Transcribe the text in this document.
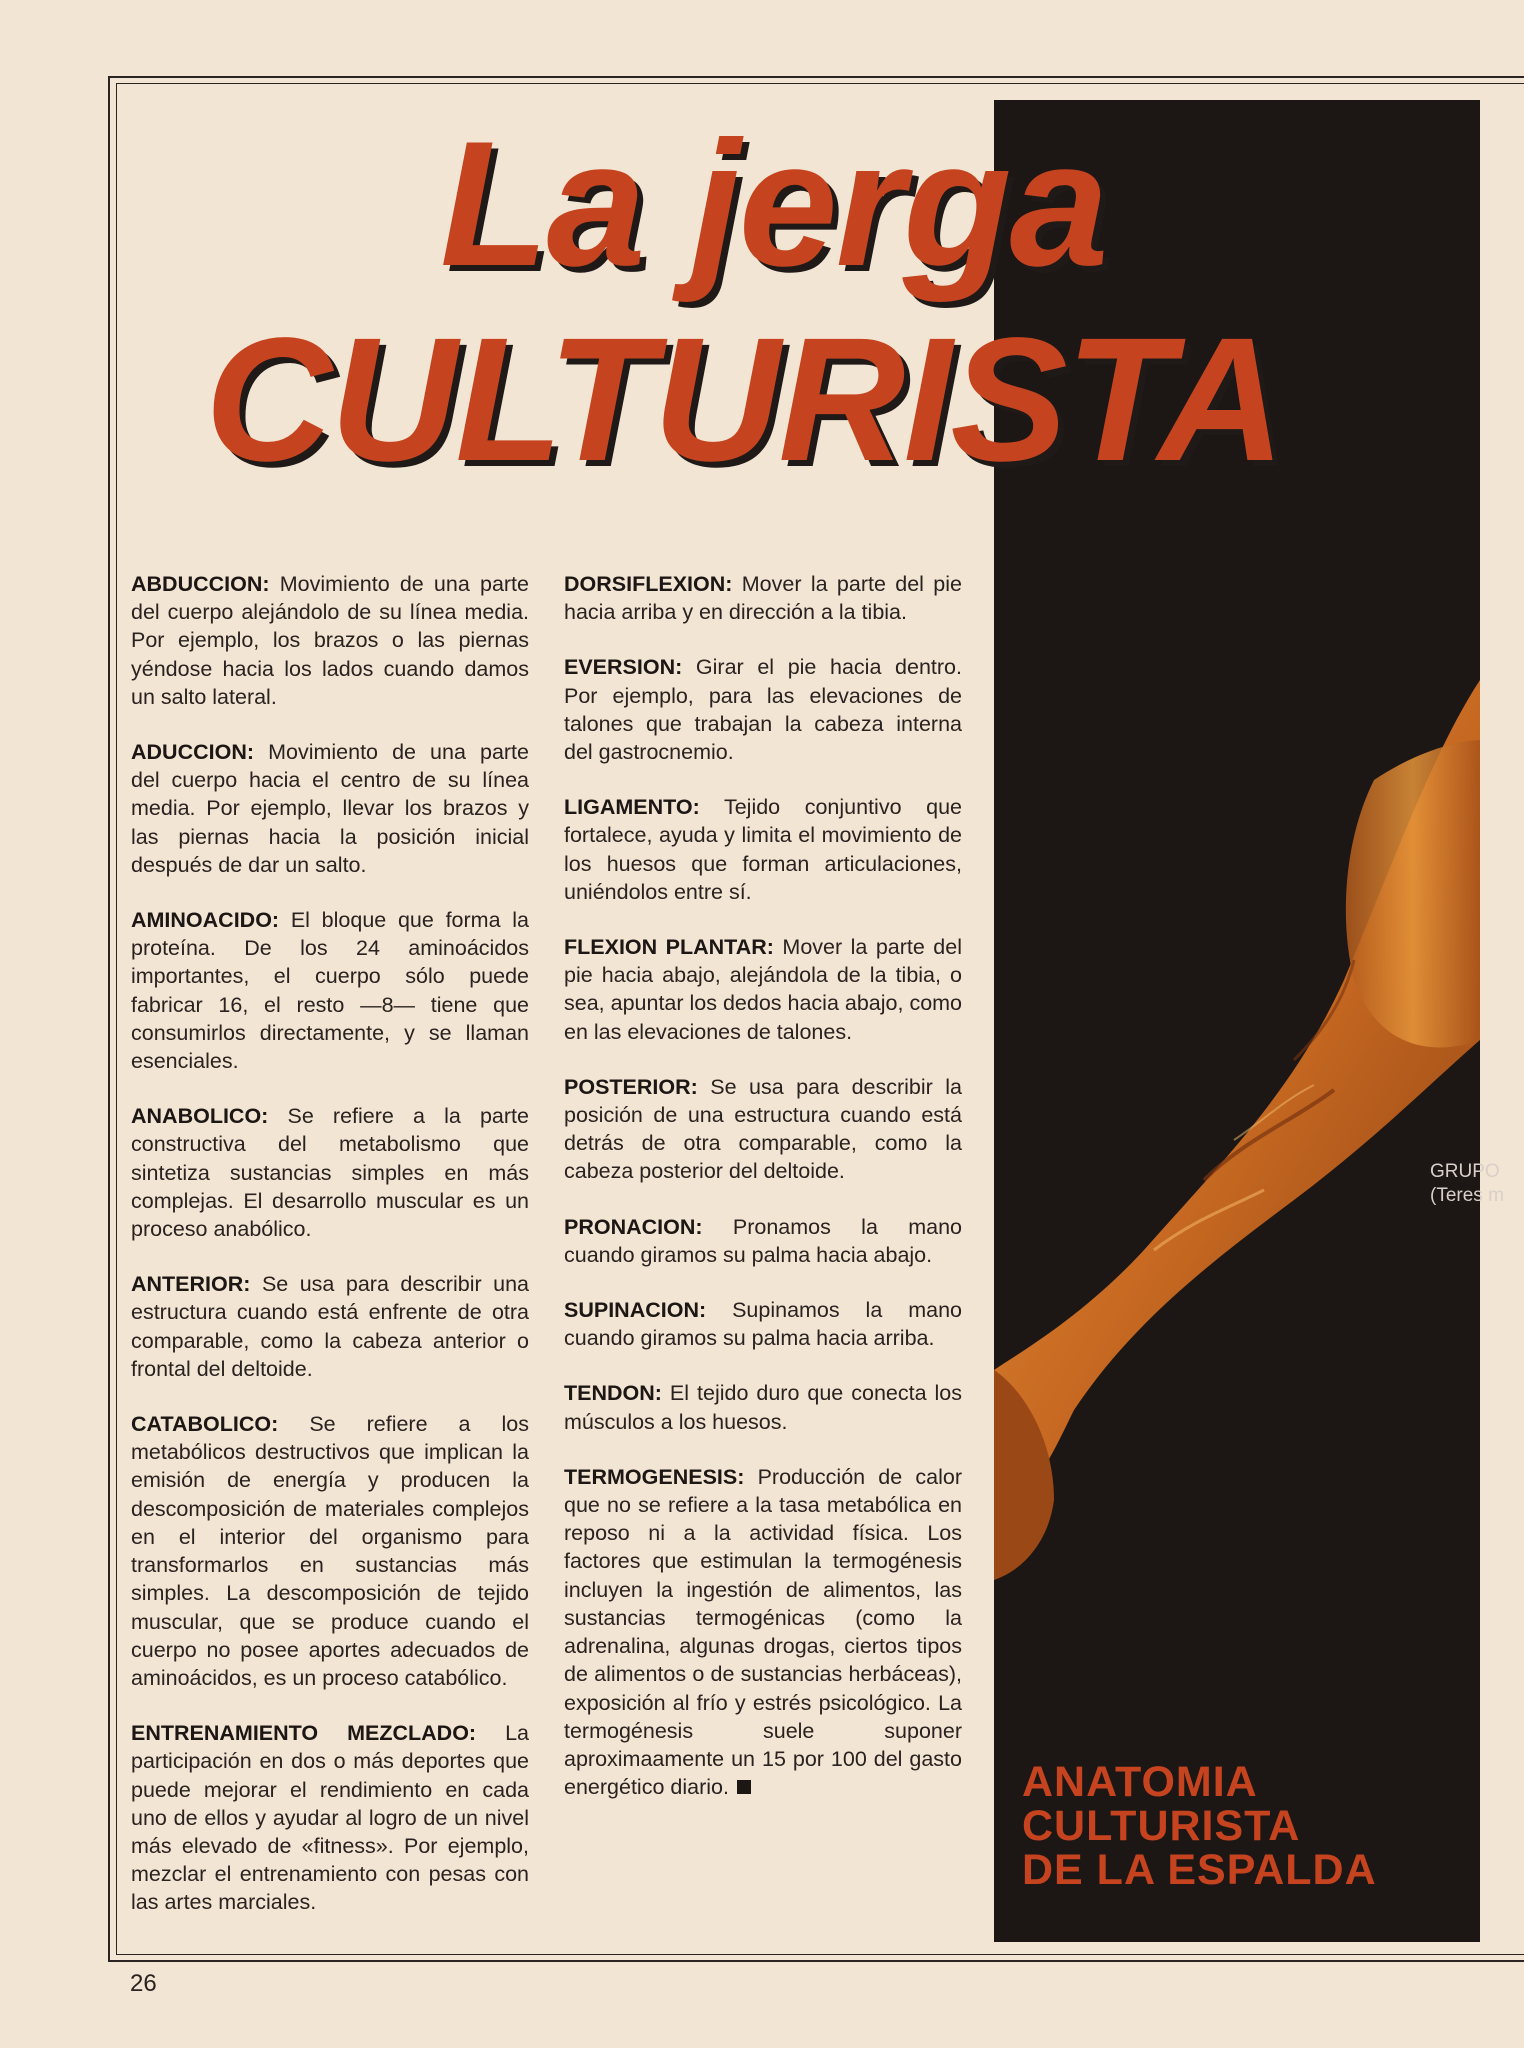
La jerga
CULTURISTA

ABDUCCION: Movimiento de una parte del cuerpo alejándolo de su línea media. Por ejemplo, los brazos o las piernas yéndose hacia los lados cuando damos un salto lateral.

ADUCCION: Movimiento de una parte del cuerpo hacia el centro de su línea media. Por ejemplo, llevar los brazos y las piernas hacia la posición inicial después de dar un salto.

AMINOACIDO: El bloque que forma la proteína. De los 24 aminoácidos importantes, el cuerpo sólo puede fabricar 16, el resto —8— tiene que consumirlos directamente, y se llaman esenciales.

ANABOLICO: Se refiere a la parte constructiva del metabolismo que sintetiza sustancias simples en más complejas. El desarrollo muscular es un proceso anabólico.

ANTERIOR: Se usa para describir una estructura cuando está enfrente de otra comparable, como la cabeza anterior o frontal del deltoide.

CATABOLICO: Se refiere a los metabólicos destructivos que implican la emisión de energía y producen la descomposición de materiales complejos en el interior del organismo para transformarlos en sustancias más simples. La descomposición de tejido muscular, que se produce cuando el cuerpo no posee aportes adecuados de aminoácidos, es un proceso catabólico.

ENTRENAMIENTO MEZCLADO: La participación en dos o más deportes que puede mejorar el rendimiento en cada uno de ellos y ayudar al logro de un nivel más elevado de «fitness». Por ejemplo, mezclar el entrenamiento con pesas con las artes marciales.

DORSIFLEXION: Mover la parte del pie hacia arriba y en dirección a la tibia.

EVERSION: Girar el pie hacia dentro. Por ejemplo, para las elevaciones de talones que trabajan la cabeza interna del gastrocnemio.

LIGAMENTO: Tejido conjuntivo que fortalece, ayuda y limita el movimiento de los huesos que forman articulaciones, uniéndolos entre sí.

FLEXION PLANTAR: Mover la parte del pie hacia abajo, alejándola de la tibia, o sea, apuntar los dedos hacia abajo, como en las elevaciones de talones.

POSTERIOR: Se usa para describir la posición de una estructura cuando está detrás de otra comparable, como la cabeza posterior del deltoide.

PRONACION: Pronamos la mano cuando giramos su palma hacia abajo.

SUPINACION: Supinamos la mano cuando giramos su palma hacia arriba.

TENDON: El tejido duro que conecta los músculos a los huesos.

TERMOGENESIS: Producción de calor que no se refiere a la tasa metabólica en reposo ni a la actividad física. Los factores que estimulan la termogénesis incluyen la ingestión de alimentos, las sustancias termogénicas (como la adrenalina, algunas drogas, ciertos tipos de alimentos o de sustancias herbáceas), exposición al frío y estrés psicológico. La termogénesis suele suponer aproximaamente un 15 por 100 del gasto energético diario.

GRUPO
(Teres m
ANATOMIA
CULTURISTA
DE LA ESPALDA
26
